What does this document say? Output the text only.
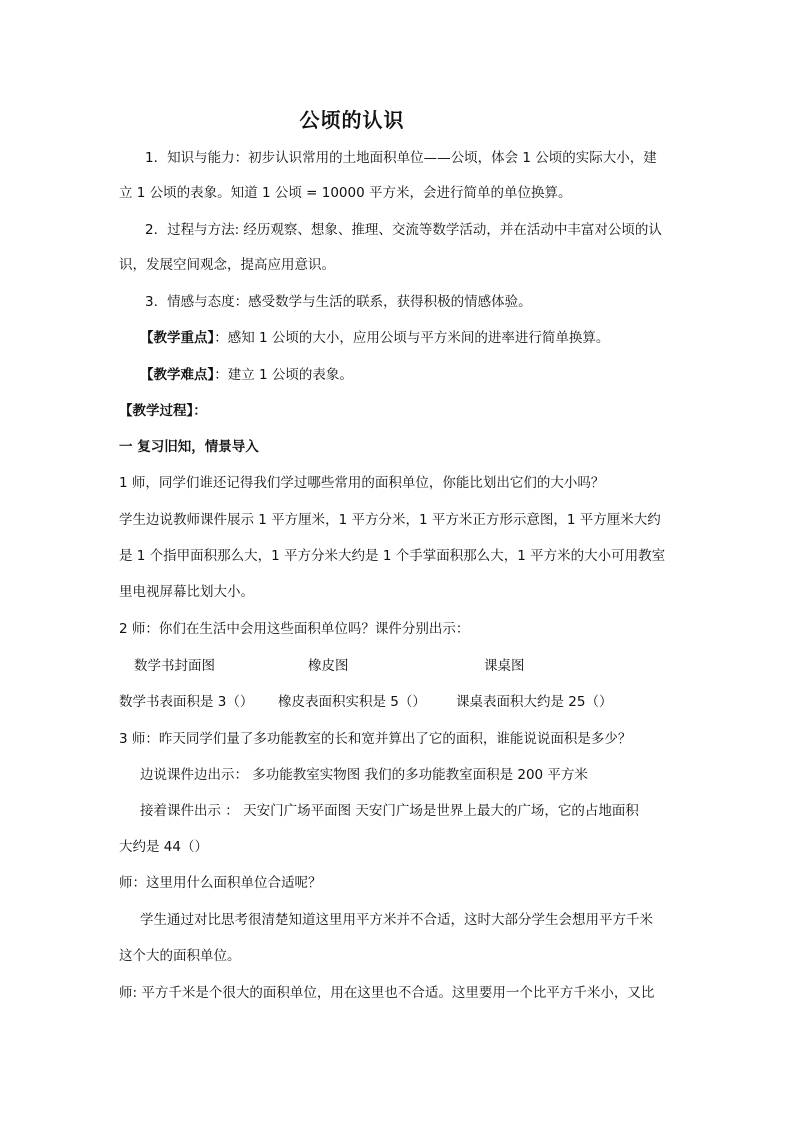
公顷的认识
1．知识与能力：初步认识常用的土地面积单位——公顷，体会 1 公顷的实际大小，建
立 1 公顷的表象。知道 1 公顷 = 10000 平方米，会进行简单的单位换算。
2．过程与方法: 经历观察、想象、推理、交流等数学活动，并在活动中丰富对公顷的认
识，发展空间观念，提高应用意识。
3．情感与态度：感受数学与生活的联系，获得积极的情感体验。
【教学重点】：感知 1 公顷的大小，应用公顷与平方米间的进率进行简单换算。
【教学难点】：建立 1 公顷的表象。
【教学过程】：
一 复习旧知，情景导入
1 师，同学们谁还记得我们学过哪些常用的面积单位，你能比划出它们的大小吗？
学生边说教师课件展示 1 平方厘米，1 平方分米，1 平方米正方形示意图，1 平方厘米大约
是 1 个指甲面积那么大，1 平方分米大约是 1 个手掌面积那么大，1 平方米的大小可用教室
里电视屏幕比划大小。
2 师：你们在生活中会用这些面积单位吗？课件分别出示：
数学书封面图	橡皮图	课桌图
数学书表面积是 3（） 橡皮表面积实积是 5（） 课桌表面积大约是 25（）
3 师：昨天同学们量了多功能教室的长和宽并算出了它的面积，谁能说说面积是多少？
边说课件边出示： 多功能教室实物图 我们的多功能教室面积是 200 平方米
接着课件出示 ： 天安门广场平面图 天安门广场是世界上最大的广场，它的占地面积
大约是 44（）
师：这里用什么面积单位合适呢？
学生通过对比思考很清楚知道这里用平方米并不合适，这时大部分学生会想用平方千米
这个大的面积单位。
师: 平方千米是个很大的面积单位，用在这里也不合适。这里要用一个比平方千米小，又比
